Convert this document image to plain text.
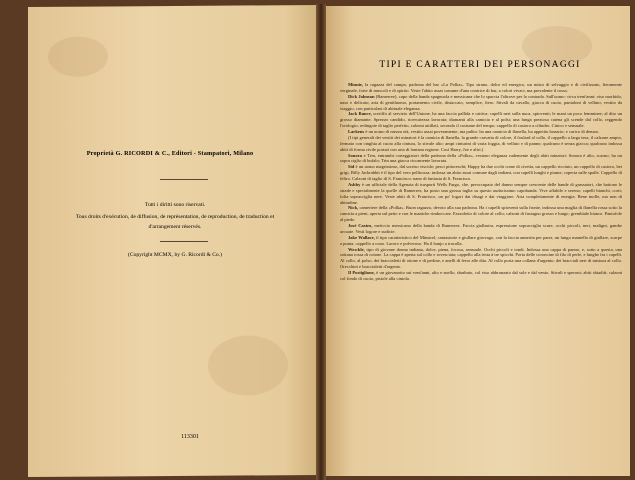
Proprietà G. RICORDI & C., Editori - Stampatori, Milano
Tutti i diritti sono riservati.
Tous droits d'exécution, de diffusion, de représentation, de reproduction, de traduction et d'arrangement réservés.
(Copyright MCMX, by G. Ricordi & Co.)
113301
TIPI E CARATTERI DEI PERSONAGGI

Minnie, la ragazza del campo, padrona del bar «La Polka». Tipo strano, dolce ed energico, un misto di selvaggio e di civilizzato, fieramente verginale, forte di muscoli e di spirito. Veste l'abito assai comune d'una contrice di bar, a colori vivaci, ma prevalente il rosso.

Dick Johnson (Ramerrez), capo della banda spagnuola e messicana che lo spaccia l'altrove per la contrada. Sull'uomo: circa trent'anni: viso morbido, naso e delicato; aria di gentiluomo, portamento civile, distaccato, semplice, fiero. Stivali da cavallo, giacca di cuoio, pantaloni di velluto; vestito da viaggio, con particolari di abituale eleganza.

Jack Rance, sceriffo al servizio dell'Unione, ha una faccia pallida e cattiva; capelli neri sulla nuca, spioventi; le mani un poco femminee; al dito un grosso diamante. Sprezzo candido, ricercatezza lavorata; diamanti alla camicia e al polsi; una lunga preziosa catena gli scende dal collo, reggendo l'orologio; redingote di taglio perfetto, calzoni attillati, secondo il costume del tempo; cappello di castoro a cilindro. Cinico e sensuale.

Larkens è un uomo di mezza età, vestito assai poveramente, ma pulito: ha una camicia di flanella, ha appetito bonario; e carico di denaro.

(I tipi generali dei vestiti dei minatori è la camicia di flanella, la grande cravatta di colore, il foulard al collo, il cappello a larga tesa, il calzone ampio, fermato con cinghia al cuoio alla cintura, lo stivale alto; ampi cinturini di varia foggia, di velluto e di panno; qualcuno è senza giacca; qualcuno indossa abiti di forma civile portati con aria di lontana regione. Così Harry, Joe e altri.)

Sonora e Trin, entrambi corteggiatori della padrona della «Polka», vestono eleganza rudemente degli abiti minatori: Sonora è alto, scarno; ha un sopra ciglio di bufalo; Trin una giacca riccamente lavorata.

Sid è un uomo magrissimo, dal sorriso viscido; pesci pittoreschi; Happy ha due occhi come di civetta, un cappello ricciuto, un cappello di castoro, bei grigi, Billy Jackrabbit è il tipo del vero pellirossa: indossa un abito assai comune dagli indiani, con capelli lunghi e piume, coperta sulle spalle. Cappello di feltro. Calzoni di taglio di S. Francisco: nano di fantasia di S. Francisco.

Ashby è un ufficiale della Agenzia di trasporti Wells Fargo, che, preoccupato del danno sempre crescente delle bande di grassatori, che battono le strade e specialmente la quelle di Ramerrez, ha posto una grossa taglia su questo audacissimo capobanda. Vive affabile e sereno; capelli bianchi, corti; folta sopracciglia nere. Veste abiti di S. Francisco, un po' logori dai disagi e dai viaggiare. Aria completamente di energia. Bene molle, ma non di abitudine.

Nick, cameriere della «Polka». Buon ragazzo, devoto alla sua padrona. Ha i capelli spioventi sulla fronte, indossa una maglia di flanella rossa sotto la camicia a pieni, aperta sul petto e con le maniche rimboccate. Fazzoletto di colore al collo; calzoni di fustagno grosso e lungo; grembiale bianco. Pantofole al piede.

José Castro, meticcio messicano della banda di Ramerrez. Faccia giallastra, espressione sopracciglia scure, occhi piccoli, neri, maligni, gambe arcuate. Vesti logore e sudicie.

Jake Wallace, il tipo caratteristico del Minstrel, cantastorie e giullare girovago, con la faccia annerita per parer, un lungo mantello di giullare, scarpe a punta, cappello a cono. Lacero e polveroso. Ha il banjo a tracolla.

Wowkle, tipo di giovane donna indiana, dolce, piena, focosa, sensuale. Occhi piccoli e tondi. Indossa una cappa di panno, e, sotto a questa, una sottana rossa di cotone. La cappa è aperta sul collo e rovesciata; cappello alla testa à tre spicchi. Porta delle coroncine di filo di perle, e lunghe fra i capelli. Al collo, al polso, dei braccialetti di ottone e di perline, e anelli di ferro alle dita. Al collo porta una collana d'argento; dei bracciali neri di mistura al collo. Orecchini e braccialetti d'argento.

Il Postiglione, è un giovanotto sui vent'anni, alto e snello, sbarbato, col viso abbronzato dal sole e dal vento. Stivali e speroni; abiti sbiaditi; calzoni col fondo di cuoio, pistole alla cintola.
